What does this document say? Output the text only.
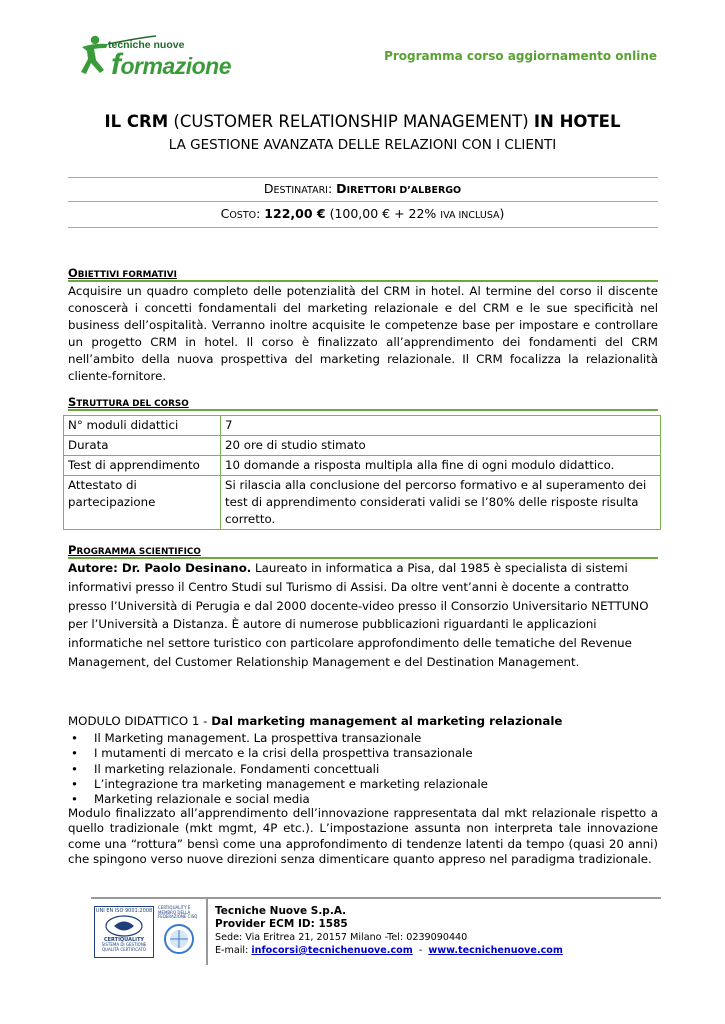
tecniche nuove
formazione	Programma corso aggiornamento online
IL CRM (CUSTOMER RELATIONSHIP MANAGEMENT) IN HOTEL
LA GESTIONE AVANZATA DELLE RELAZIONI CON I CLIENTI
DESTINATARI: DIRETTORI D’ALBERGO
COSTO: 122,00 € (100,00 € + 22% IVA INCLUSA)
OBIETTIVI FORMATIVI
Acquisire un quadro completo delle potenzialità del CRM in hotel. Al termine del corso il discente conoscerà i concetti fondamentali del marketing relazionale e del CRM e le sue specificità nel business dell’ospitalità. Verranno inoltre acquisite le competenze base per impostare e controllare un progetto CRM in hotel. Il corso è finalizzato all’apprendimento dei fondamenti del CRM nell’ambito della nuova prospettiva del marketing relazionale. Il CRM focalizza la relazionalità cliente-fornitore.
STRUTTURA DEL CORSO
N° moduli didattici	7
Durata	20 ore di studio stimato
Test di apprendimento	10 domande a risposta multipla alla fine di ogni modulo didattico.
Attestato di partecipazione	Si rilascia alla conclusione del percorso formativo e al superamento dei test di apprendimento considerati validi se l’80% delle risposte risulta corretto.
PROGRAMMA SCIENTIFICO
Autore: Dr. Paolo Desinano. Laureato in informatica a Pisa, dal 1985 è specialista di sistemi informativi presso il Centro Studi sul Turismo di Assisi. Da oltre vent’anni è docente a contratto presso l’Università di Perugia e dal 2000 docente-video presso il Consorzio Universitario NETTUNO per l’Università a Distanza. È autore di numerose pubblicazioni riguardanti le applicazioni informatiche nel settore turistico con particolare approfondimento delle tematiche del Revenue Management, del Customer Relationship Management e del Destination Management.
MODULO DIDATTICO 1 - Dal marketing management al marketing relazionale
• Il Marketing management. La prospettiva transazionale
• I mutamenti di mercato e la crisi della prospettiva transazionale
• Il marketing relazionale. Fondamenti concettuali
• L’integrazione tra marketing management e marketing relazionale
• Marketing relazionale e social media
Modulo finalizzato all’apprendimento dell’innovazione rappresentata dal mkt relazionale rispetto a quello tradizionale (mkt mgmt, 4P etc.). L’impostazione assunta non interpreta tale innovazione come una “rottura” bensì come una approfondimento di tendenze latenti da tempo (quasi 20 anni) che spingono verso nuove direzioni senza dimenticare quanto appreso nel paradigma tradizionale.
UNI EN ISO 9001:2008
CERTIQUALITY
SISTEMA DI GESTIONE
QUALITÀ CERTIFICATO
CERTIQUALITY È MEMBRO DELLA FEDERAZIONE CISQ Tecniche Nuove S.p.A.
Provider ECM ID: 1585
Sede: Via Eritrea 21, 20157 Milano -Tel: 0239090440
E-mail: infocorsi@tecnichenuove.com  -  www.tecnichenuove.com
